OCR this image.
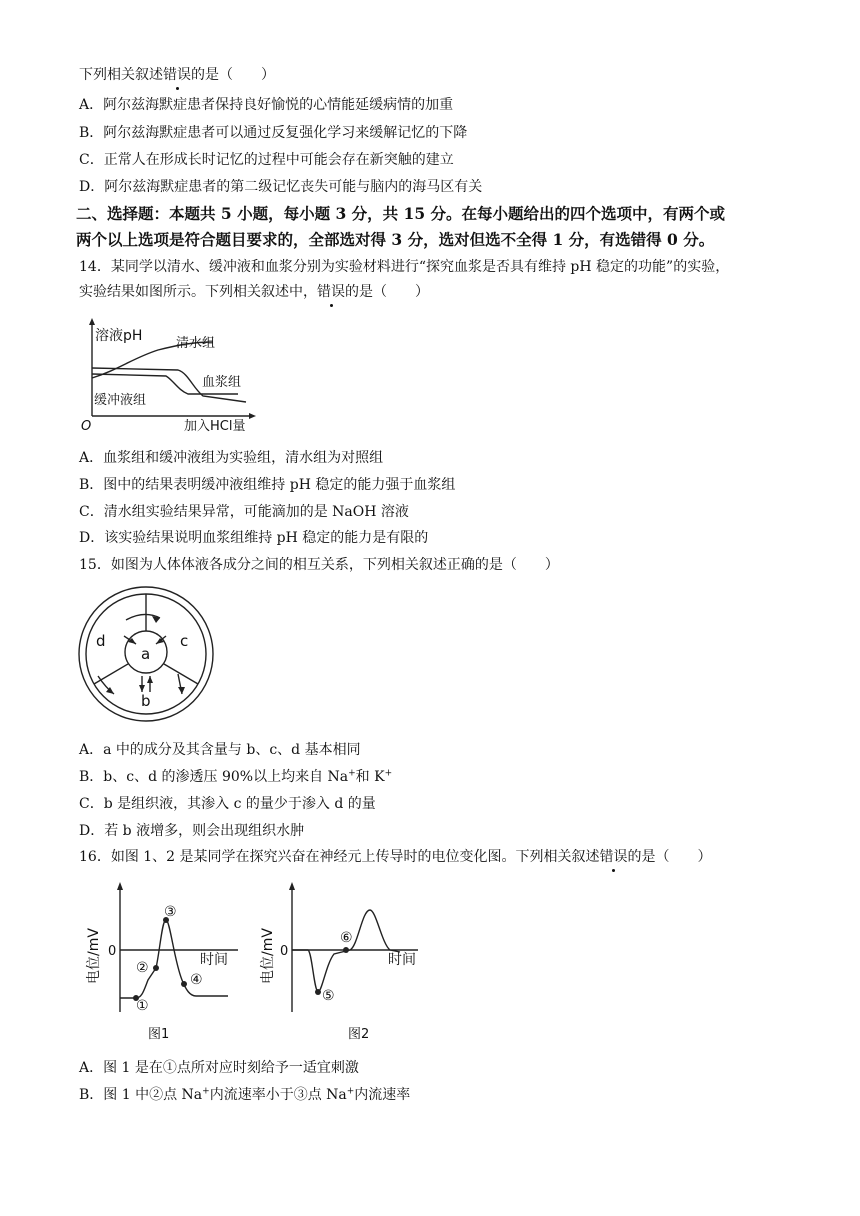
下列相关叙述错误的是（　　）
A．阿尔兹海默症患者保持良好愉悦的心情能延缓病情的加重
B．阿尔兹海默症患者可以通过反复强化学习来缓解记忆的下降
C．正常人在形成长时记忆的过程中可能会存在新突触的建立
D．阿尔兹海默症患者的第二级记忆丧失可能与脑内的海马区有关
二、选择题：本题共 5 小题，每小题 3 分，共 15 分。在每小题给出的四个选项中，有两个或
两个以上选项是符合题目要求的，全部选对得 3 分，选对但选不全得 1 分，有选错得 0 分。
14．某同学以清水、缓冲液和血浆分别为实验材料进行“探究血浆是否具有维持 pH 稳定的功能”的实验，
实验结果如图所示。下列相关叙述中，错误的是（　　）
溶液pH	清水组
血浆组
缓冲液组
O	加入HCl量
A．血浆组和缓冲液组为实验组，清水组为对照组
B．图中的结果表明缓冲液组维持 pH 稳定的能力强于血浆组
C．清水组实验结果异常，可能滴加的是 NaOH 溶液
D．该实验结果说明血浆组维持 pH 稳定的能力是有限的
15．如图为人体体液各成分之间的相互关系，下列相关叙述正确的是（　　）
a
b
c
d
A．a 中的成分及其含量与 b、c、d 基本相同
B．b、c、d 的渗透压 90%以上均来自 Na+和 K+
C．b 是组织液，其渗入 c 的量少于渗入 d 的量
D．若 b 液增多，则会出现组织水肿
16．如图 1、2 是某同学在探究兴奋在神经元上传导时的电位变化图。下列相关叙述错误的是（　　）
电位/mV 0
时间
①
②
③
④
图1
电位/mV 0
时间
⑤
⑥
图2
A．图 1 是在①点所对应时刻给予一适宜刺激
B．图 1 中②点 Na+内流速率小于③点 Na+内流速率
